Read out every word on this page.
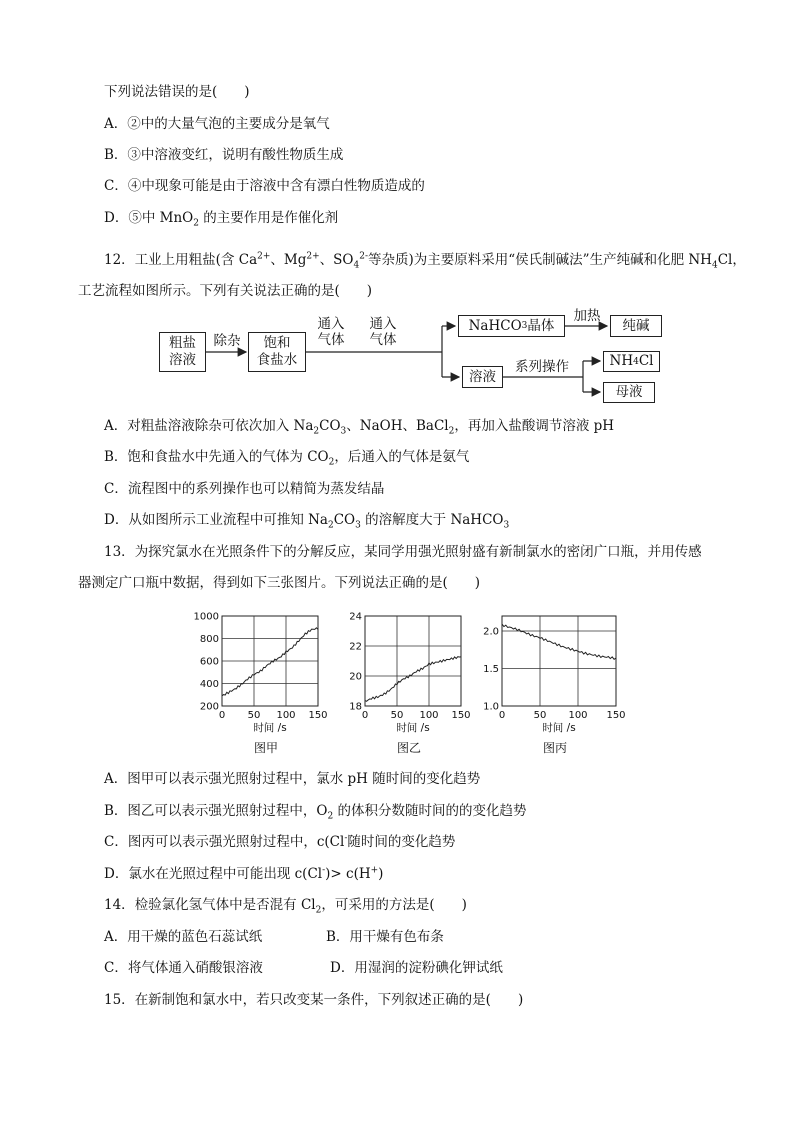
下列说法错误的是(　　)
A．②中的大量气泡的主要成分是氧气
B．③中溶液变红，说明有酸性物质生成
C．④中现象可能是由于溶液中含有漂白性物质造成的
D．⑤中 MnO$_2$ 的主要作用是作催化剂
12．工业上用粗盐(含 $Ca^{2+}$、$Mg^{2+}$、$SO_4^{2-}$等杂质)为主要原料采用“侯氏制碱法”生产纯碱和化肥 $NH_4Cl$，
工艺流程如图所示。下列有关说法正确的是(　　)
粗盐
溶液
除杂 饱和
食盐水
通入
气体
通入
气体
NaHCO 3 晶体
加热
纯碱
溶液
系列操作	NH 4 Cl
母液
A．对粗盐溶液除杂可依次加入 $Na_2CO_3$、NaOH、BaCl$_2$，再加入盐酸调节溶液 pH
B．饱和食盐水中先通入的气体为 $CO_2$，后通入的气体是氨气
C．流程图中的系列操作也可以精简为蒸发结晶
D．从如图所示工业流程中可推知 $Na_2CO_3$ 的溶解度大于 NaHCO$_3$
13．为探究氯水在光照条件下的分解反应，某同学用强光照射盛有新制氯水的密闭广口瓶，并用传感
器测定广口瓶中数据，得到如下三张图片。下列说法正确的是(　　)
0 50 100 150
200
400
600
800
1000
时间 /s
图甲
0 50 100 150
18
20
22
24
时间 /s
图乙
0	50 100 150
1.0
1.5
2.0
时间 /s
图丙
A．图甲可以表示强光照射过程中，氯水 pH 随时间的变化趋势
B．图乙可以表示强光照射过程中，$O_2$ 的体积分数随时间的的变化趋势
C．图丙可以表示强光照射过程中，c(Cl-随时间的变化趋势
D．氯水在光照过程中可能出现 c(Cl-)> c(H+)
14．检验氯化氢气体中是否混有 $Cl_2$，可采用的方法是(　　)
A．用干燥的蓝色石蕊试纸	B．用干燥有色布条
C．将气体通入硝酸银溶液	D．用湿润的淀粉碘化钾试纸
15．在新制饱和氯水中，若只改变某一条件，下列叙述正确的是(　　)
